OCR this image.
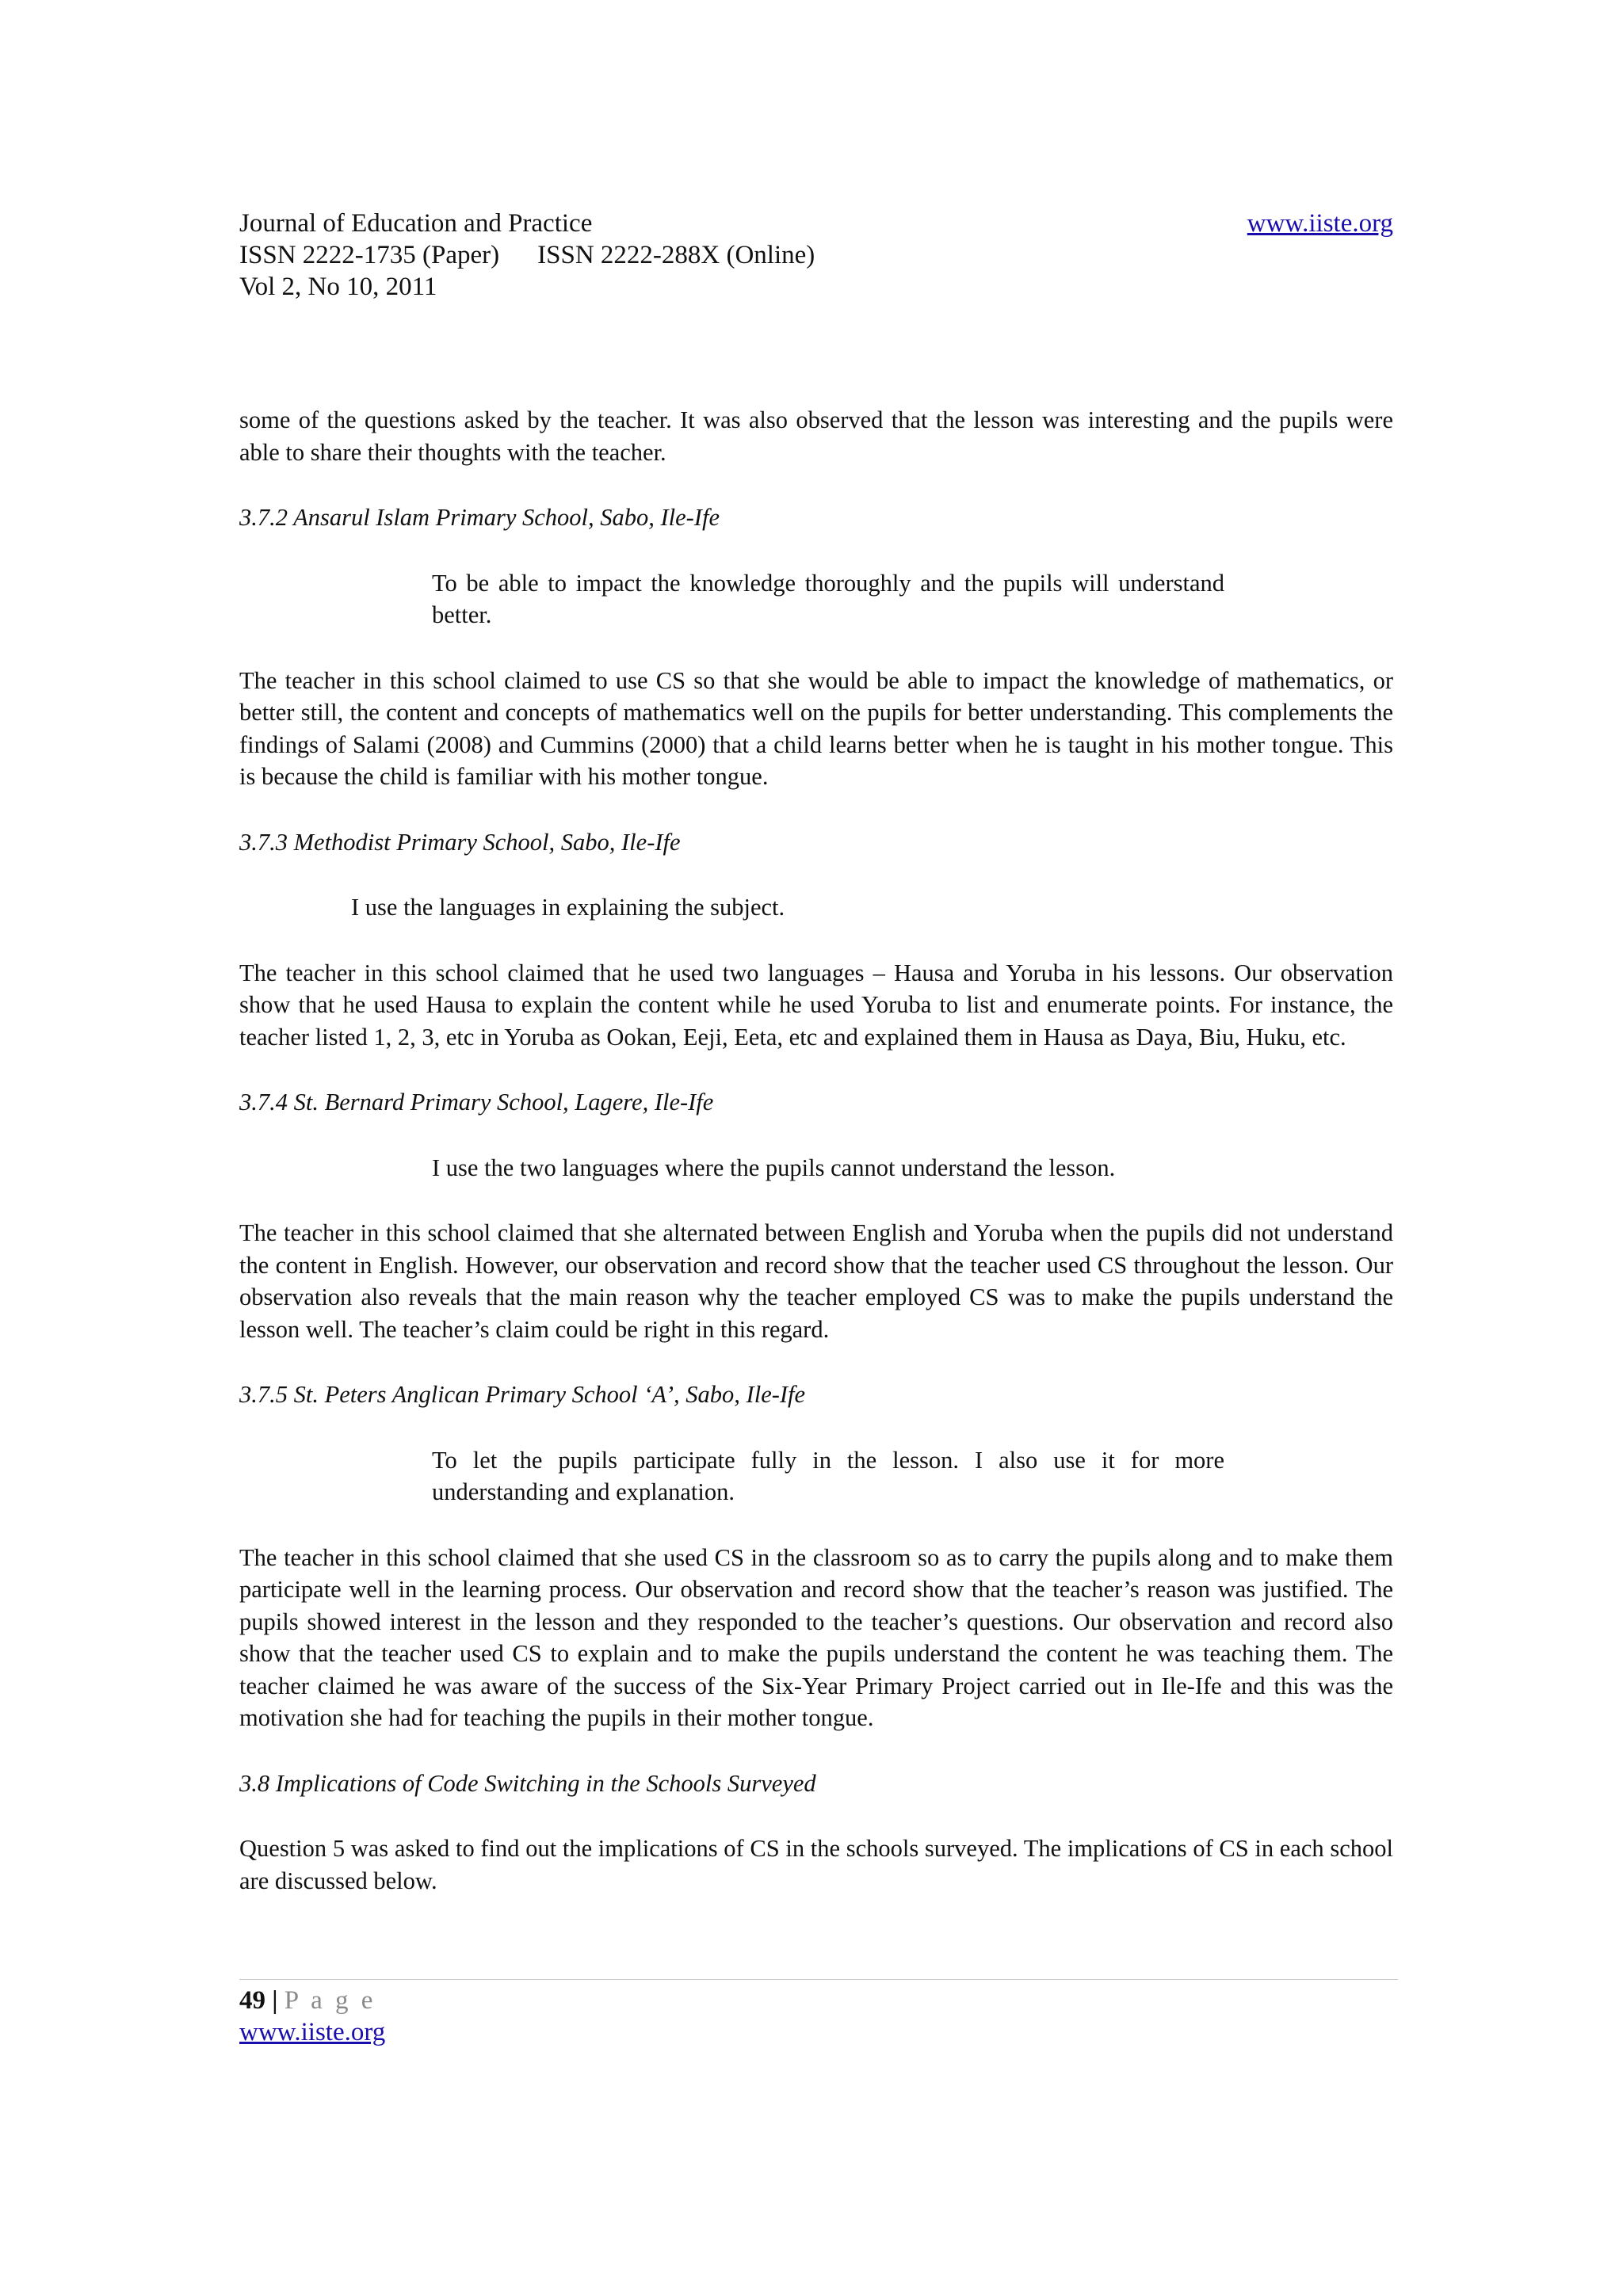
Journal of Education and Practice	www.iiste.org
ISSN 2222-1735 (Paper) ISSN 2222-288X (Online)
Vol 2, No 10, 2011

some of the questions asked by the teacher. It was also observed that the lesson was interesting and the pupils were able to share their thoughts with the teacher.

3.7.2 Ansarul Islam Primary School, Sabo, Ile-Ife

To be able to impact the knowledge thoroughly and the pupils will understand better.

The teacher in this school claimed to use CS so that she would be able to impact the knowledge of mathematics, or better still, the content and concepts of mathematics well on the pupils for better understanding. This complements the findings of Salami (2008) and Cummins (2000) that a child learns better when he is taught in his mother tongue. This is because the child is familiar with his mother tongue.

3.7.3 Methodist Primary School, Sabo, Ile-Ife

I use the languages in explaining the subject.

The teacher in this school claimed that he used two languages – Hausa and Yoruba in his lessons. Our observation show that he used Hausa to explain the content while he used Yoruba to list and enumerate points. For instance, the teacher listed 1, 2, 3, etc in Yoruba as Ookan, Eeji, Eeta, etc and explained them in Hausa as Daya, Biu, Huku, etc.

3.7.4 St. Bernard Primary School, Lagere, Ile-Ife

I use the two languages where the pupils cannot understand the lesson.

The teacher in this school claimed that she alternated between English and Yoruba when the pupils did not understand the content in English. However, our observation and record show that the teacher used CS throughout the lesson. Our observation also reveals that the main reason why the teacher employed CS was to make the pupils understand the lesson well. The teacher’s claim could be right in this regard.

3.7.5 St. Peters Anglican Primary School ‘A’, Sabo, Ile-Ife

To let the pupils participate fully in the lesson. I also use it for more understanding and explanation.

The teacher in this school claimed that she used CS in the classroom so as to carry the pupils along and to make them participate well in the learning process. Our observation and record show that the teacher’s reason was justified. The pupils showed interest in the lesson and they responded to the teacher’s questions. Our observation and record also show that the teacher used CS to explain and to make the pupils understand the content he was teaching them. The teacher claimed he was aware of the success of the Six-Year Primary Project carried out in Ile-Ife and this was the motivation she had for teaching the pupils in their mother tongue.

3.8 Implications of Code Switching in the Schools Surveyed

Question 5 was asked to find out the implications of CS in the schools surveyed. The implications of CS in each school are discussed below.

49 | P a g e
www.iiste.org
